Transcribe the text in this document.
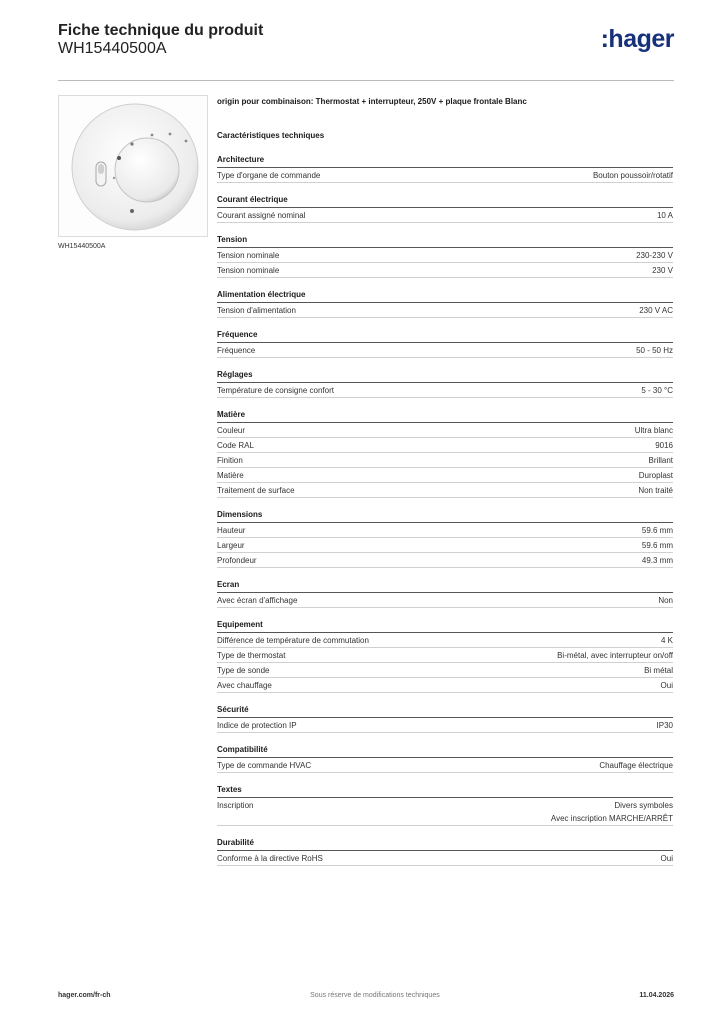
Fiche technique du produit
WH15440500A	:hager
WH15440500A
origin pour combinaison: Thermostat + interrupteur, 250V + plaque frontale Blanc
Caractéristiques techniques
Architecture
Type d'organe de commande	Bouton poussoir/rotatif
Courant électrique
Courant assigné nominal	10 A
Tension
Tension nominale	230-230 V
Tension nominale	230 V
Alimentation électrique
Tension d'alimentation	230 V AC
Fréquence
Fréquence	50 - 50 Hz
Réglages
Température de consigne confort	5 - 30 °C
Matière
Couleur	Ultra blanc
Code RAL	9016
Finition	Brillant
Matière	Duroplast
Traitement de surface	Non traité
Dimensions
Hauteur	59.6 mm
Largeur	59.6 mm
Profondeur	49.3 mm
Ecran
Avec écran d'affichage	Non
Equipement
Différence de température de commutation	4 K
Type de thermostat	Bi-métal, avec interrupteur on/off
Type de sonde	Bi métal
Avec chauffage	Oui
Sécurité
Indice de protection IP	IP30
Compatibilité
Type de commande HVAC	Chauffage électrique
Textes
Inscription	Divers symboles
Avec inscription MARCHE/ARRÊT
Durabilité
Conforme à la directive RoHS	Oui
hager.com/fr-ch	Sous réserve de modifications techniques	11.04.2026
